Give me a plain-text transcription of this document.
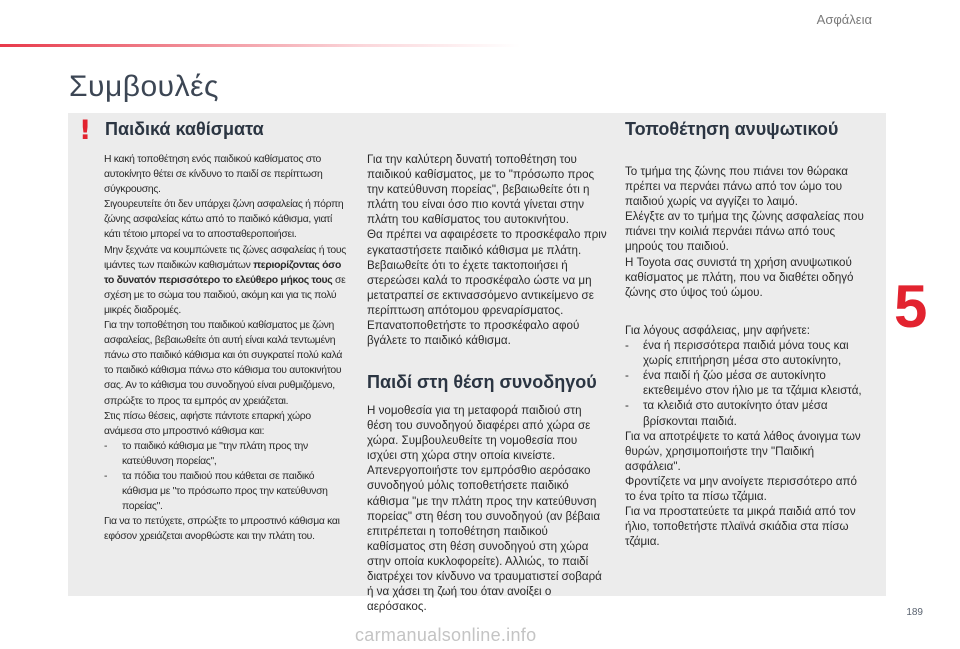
Ασφάλεια
Συμβουλές
! Παιδικά καθίσματα

Η κακή τοποθέτηση ενός παιδικού καθίσματος στο αυτοκίνητο θέτει σε κίνδυνο το παιδί σε περίπτωση σύγκρουσης.

Σιγουρευτείτε ότι δεν υπάρχει ζώνη ασφαλείας ή πόρπη ζώνης ασφαλείας κάτω από το παιδικό κάθισμα, γιατί κάτι τέτοιο μπορεί να το αποσταθεροποιήσει.

Μην ξεχνάτε να κουμπώνετε τις ζώνες ασφαλείας ή τους ιμάντες των παιδικών καθισμάτων περιορίζοντας όσο το δυνατόν περισσότερο το ελεύθερο μήκος τους σε σχέση με το σώμα του παιδιού, ακόμη και για τις πολύ μικρές διαδρομές.

Για την τοποθέτηση του παιδικού καθίσματος με ζώνη ασφαλείας, βεβαιωθείτε ότι αυτή είναι καλά τεντωμένη πάνω στο παιδικό κάθισμα και ότι συγκρατεί πολύ καλά το παιδικό κάθισμα πάνω στο κάθισμα του αυτοκινήτου σας. Αν το κάθισμα του συνοδηγού είναι ρυθμιζόμενο, σπρώξτε το προς τα εμπρός αν χρειάζεται.

Στις πίσω θέσεις, αφήστε πάντοτε επαρκή χώρο ανάμεσα στο μπροστινό κάθισμα και:

-	το παιδικό κάθισμα με "την πλάτη προς την κατεύθυνση πορείας",
-	τα πόδια του παιδιού που κάθεται σε παιδικό κάθισμα με "το πρόσωπο προς την κατεύθυνση πορείας".

Για να το πετύχετε, σπρώξτε το μπροστινό κάθισμα και εφόσον χρειάζεται ανορθώστε και την πλάτη του.

Για την καλύτερη δυνατή τοποθέτηση του παιδικού καθίσματος, με το "πρόσωπο προς την κατεύθυνση πορείας", βεβαιωθείτε ότι η πλάτη του είναι όσο πιο κοντά γίνεται στην πλάτη του καθίσματος του αυτοκινήτου.

Θα πρέπει να αφαιρέσετε το προσκέφαλο πριν εγκαταστήσετε παιδικό κάθισμα με πλάτη.

Βεβαιωθείτε ότι το έχετε τακτοποιήσει ή στερεώσει καλά το προσκέφαλο ώστε να μη μετατραπεί σε εκτινασσόμενο αντικείμενο σε περίπτωση απότομου φρεναρίσματος. Επανατοποθετήστε το προσκέφαλο αφού βγάλετε το παιδικό κάθισμα.

Παιδί στη θέση συνοδηγού

Η νομοθεσία για τη μεταφορά παιδιού στη θέση του συνοδηγού διαφέρει από χώρα σε χώρα. Συμβουλευθείτε τη νομοθεσία που ισχύει στη χώρα στην οποία κινείστε.

Απενεργοποιήστε τον εμπρόσθιο αερόσακο συνοδηγού μόλις τοποθετήσετε παιδικό κάθισμα "με την πλάτη προς την κατεύθυνση πορείας" στη θέση του συνοδηγού (αν βέβαια επιτρέπεται η τοποθέτηση παιδικού καθίσματος στη θέση συνοδηγού στη χώρα στην οποία κυκλοφορείτε). Αλλιώς, το παιδί διατρέχει τον κίνδυνο να τραυματιστεί σοβαρά ή να χάσει τη ζωή του όταν ανοίξει ο αερόσακος.

Τοποθέτηση ανυψωτικού

Το τμήμα της ζώνης που πιάνει τον θώρακα πρέπει να περνάει πάνω από τον ώμο του παιδιού χωρίς να αγγίζει το λαιμό.

Ελέγξτε αν το τμήμα της ζώνης ασφαλείας που πιάνει την κοιλιά περνάει πάνω από τους μηρούς του παιδιού.

Η Toyota σας συνιστά τη χρήση ανυψωτικού καθίσματος με πλάτη, που να διαθέτει οδηγό ζώνης στο ύψος τού ώμου.

Για λόγους ασφάλειας, μην αφήνετε:

-	ένα ή περισσότερα παιδιά μόνα τους και χωρίς επιτήρηση μέσα στο αυτοκίνητο,
-	ένα παιδί ή ζώο μέσα σε αυτοκίνητο εκτεθειμένο στον ήλιο με τα τζάμια κλειστά,
-	τα κλειδιά στο αυτοκίνητο όταν μέσα βρίσκονται παιδιά.

Για να αποτρέψετε το κατά λάθος άνοιγμα των θυρών, χρησιμοποιήστε την "Παιδική ασφάλεια".

Φροντίζετε να μην ανοίγετε περισσότερο από το ένα τρίτο τα πίσω τζάμια.

Για να προστατεύετε τα μικρά παιδιά από τον ήλιο, τοποθετήστε πλαϊνά σκιάδια στα πίσω τζάμια.

5
189
carmanualsonline.info
